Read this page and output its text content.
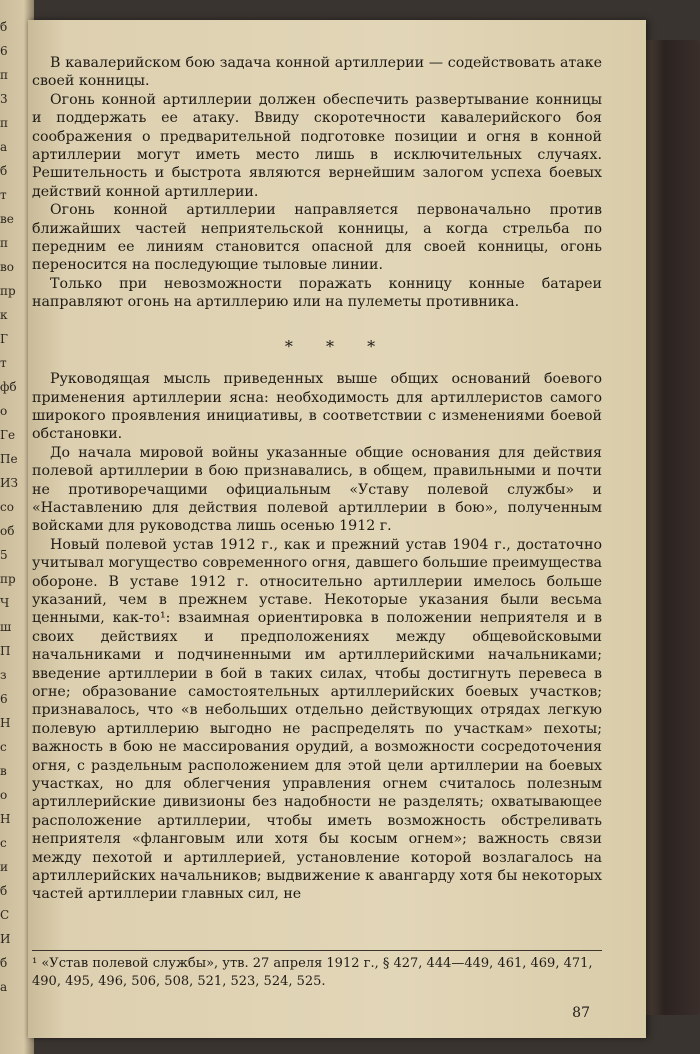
б
6
п
3
п
а
б
т
ве
п
во
пр
к
Г
т
фб
о
Ге
Пе
ИЗ
со
об
5
пр
Ч
ш
П
з
6
Н
с
в
о
Н
с
и
б
С
И
б
а

В кавалерийском бою задача конной артиллерии — содействовать атаке своей конницы.

Огонь конной артиллерии должен обеспечить развертывание конницы и поддержать ее атаку. Ввиду скоротечности кавалерийского боя соображения о предварительной подготовке позиции и огня в конной артиллерии могут иметь место лишь в исключительных случаях. Решительность и быстрота являются вернейшим залогом успеха боевых действий конной артиллерии.

Огонь конной артиллерии направляется первоначально против ближайших частей неприятельской конницы, а когда стрельба по передним ее линиям становится опасной для своей конницы, огонь переносится на последующие тыловые линии.

Только при невозможности поражать конницу конные батареи направляют огонь на артиллерию или на пулеметы противника.

* * *

Руководящая мысль приведенных выше общих оснований боевого применения артиллерии ясна: необходимость для артиллеристов самого широкого проявления инициативы, в соответствии с изменениями боевой обстановки.

До начала мировой войны указанные общие основания для действия полевой артиллерии в бою признавались, в общем, правильными и почти не противоречащими официальным «Уставу полевой службы» и «Наставлению для действия полевой артиллерии в бою», полученным войсками для руководства лишь осенью 1912 г.

Новый полевой устав 1912 г., как и прежний устав 1904 г., достаточно учитывал могущество современного огня, давшего большие преимущества обороне. В уставе 1912 г. относительно артиллерии имелось больше указаний, чем в прежнем уставе. Некоторые указания были весьма ценными, как-то¹: взаимная ориентировка в положении неприятеля и в своих действиях и предположениях между общевойсковыми начальниками и подчиненными им артиллерийскими начальниками; введение артиллерии в бой в таких силах, чтобы достигнуть перевеса в огне; образование самостоятельных артиллерийских боевых участков; признавалось, что «в небольших отдельно действующих отрядах легкую полевую артиллерию выгодно не распределять по участкам» пехоты; важность в бою не массирования орудий, а возможности сосредоточения огня, с раздельным расположением для этой цели артиллерии на боевых участках, но для облегчения управления огнем считалось полезным артиллерийские дивизионы без надобности не разделять; охватывающее расположение артиллерии, чтобы иметь возможность обстреливать неприятеля «фланговым или хотя бы косым огнем»; важность связи между пехотой и артиллерией, установление которой возлагалось на артиллерийских начальников; выдвижение к авангарду хотя бы некоторых частей артиллерии главных сил, не

¹ «Устав полевой службы», утв. 27 апреля 1912 г., § 427, 444—449, 461, 469, 471, 490, 495, 496, 506, 508, 521, 523, 524, 525.
87
